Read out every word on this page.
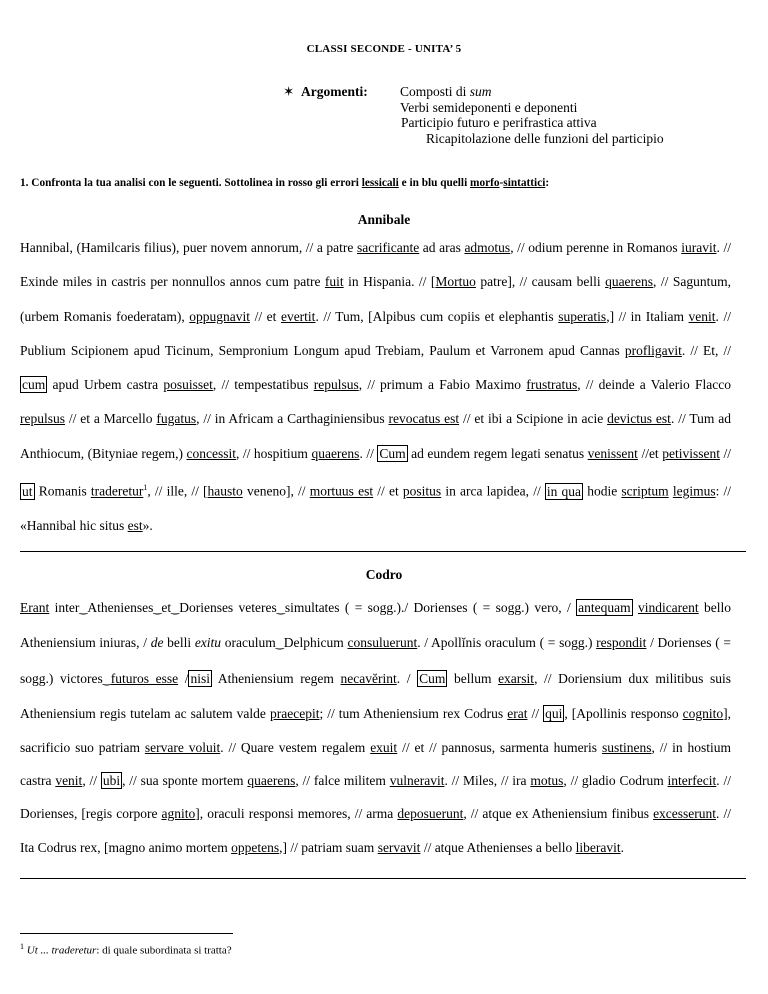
CLASSI SECONDE - UNITA’ 5
✶ Argomenti: Composti di sum
Verbi semideponenti e deponenti
Participio futuro e perifrastica attiva
Ricapitolazione delle funzioni del participio
1. Confronta la tua analisi con le seguenti. Sottolinea in rosso gli errori lessicali e in blu quelli morfo-sintattici:
Annibale
Hannibal, (Hamilcaris filius), puer novem annorum, // a patre sacrificante ad aras admotus, // odium perenne in Romanos iuravit. // Exinde miles in castris per nonnullos annos cum patre fuit in Hispania. // [Mortuo patre], // causam belli quaerens, // Saguntum, (urbem Romanis foederatam), oppugnavit // et evertit. // Tum, [Alpibus cum copiis et elephantis superatis,] // in Italiam venit. // Publium Scipionem apud Ticinum, Sempronium Longum apud Trebiam, Paulum et Varronem apud Cannas profligavit. // Et, // cum apud Urbem castra posuisset, // tempestatibus repulsus, // primum a Fabio Maximo frustratus, // deinde a Valerio Flacco repulsus // et a Marcello fugatus, // in Africam a Carthaginiensibus revocatus est // et ibi a Scipione in acie devictus est. // Tum ad Anthiocum, (Bityniae regem,) concessit, // hospitium quaerens. // Cum ad eundem regem legati senatus venissent //et petivissent // ut Romanis traderetur$^1$, // ille, // [hausto veneno], // mortuus est // et positus in arca lapidea, // in qua hodie scriptum legimus: // «Hannibal hic situs est».
Codro
Erant inter‿Athenienses‿et‿Dorienses veteres‿simultates ( = sogg.)./ Dorienses ( = sogg.) vero, / antequam vindicarent bello Atheniensium iniuras, / de belli exitu oraculum‿Delphicum consuluerunt. / Apollĭnis oraculum ( = sogg.) respondit / Dorienses ( = sogg.) victores‿futuros esse / nisi Atheniensium regem necavĕrint. / Cum bellum exarsit, // Doriensium dux militibus suis Atheniensium regis tutelam ac salutem valde praecepit; // tum Atheniensium rex Codrus erat // qui , [Apollinis responso cognito], sacrificio suo patriam servare voluit. // Quare vestem regalem exuit // et // pannosus, sarmenta humeris sustinens, // in hostium castra venit, // ubi , // sua sponte mortem quaerens, // falce militem vulneravit. // Miles, // ira motus, // gladio Codrum interfecit. // Dorienses, [regis corpore agnito], oraculi responsi memores, // arma deposuerunt, // atque ex Atheniensium finibus excesserunt. // Ita Codrus rex, [magno animo mortem oppetens,] // patriam suam servavit // atque Athenienses a bello liberavit.
$^1$ Ut ... traderetur: di quale subordinata si tratta?
